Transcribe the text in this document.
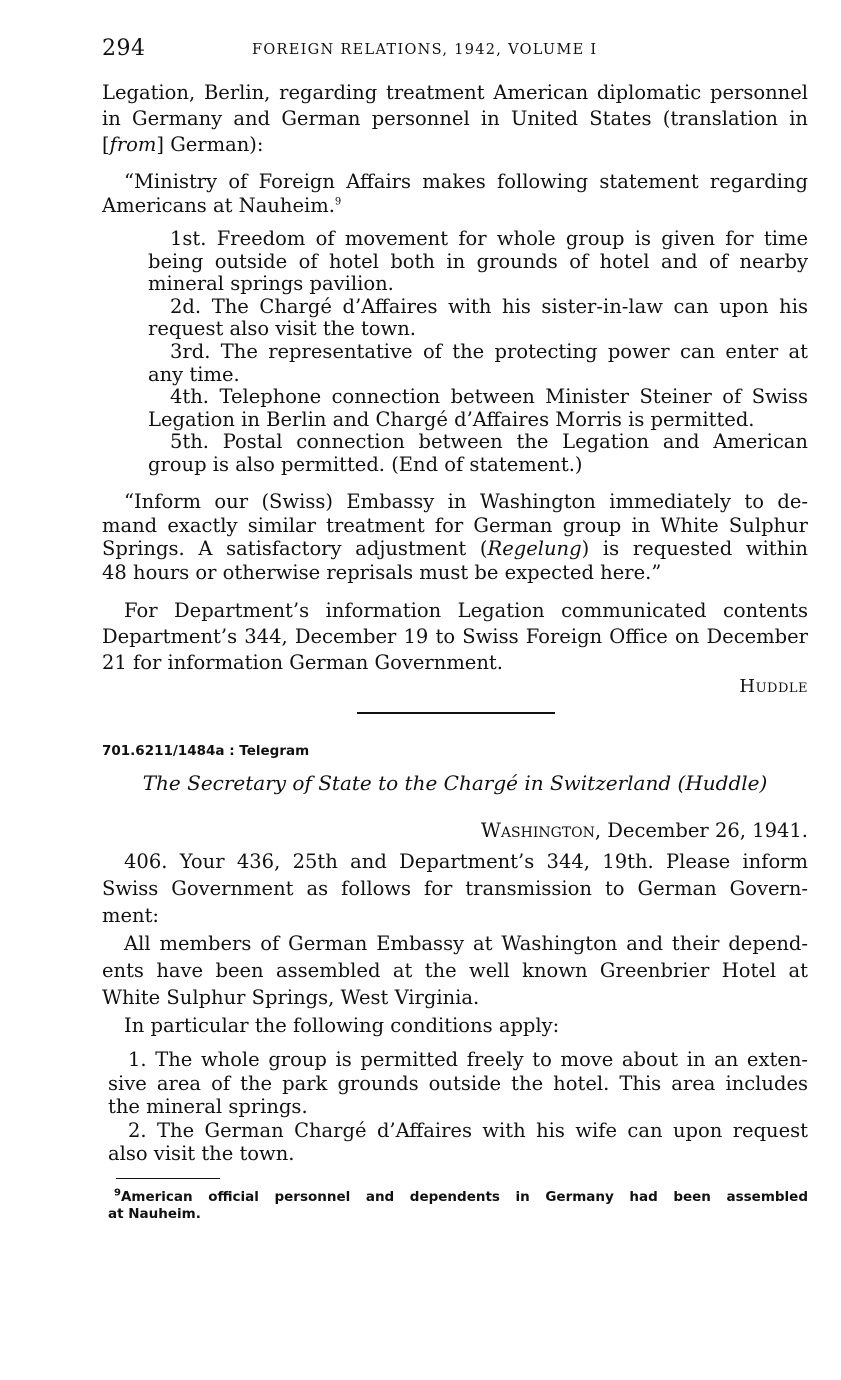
294	FOREIGN RELATIONS, 1942, VOLUME I
Legation, Berlin, regarding treatment American diplomatic personnel
in Germany and German personnel in United States (translation in
[from] German):
“Ministry of Foreign Affairs makes following statement regarding
Americans at Nauheim.$^9$
1st. Freedom of movement for whole group is given for time
being outside of hotel both in grounds of hotel and of nearby
mineral springs pavilion.
2d. The Chargé d’Affaires with his sister-in-law can upon his
request also visit the town.
3rd. The representative of the protecting power can enter at
any time.
4th. Telephone connection between Minister Steiner of Swiss
Legation in Berlin and Chargé d’Affaires Morris is permitted.
5th. Postal connection between the Legation and American
group is also permitted. (End of statement.)
“Inform our (Swiss) Embassy in Washington immediately to de-
mand exactly similar treatment for German group in White Sulphur
Springs. A satisfactory adjustment (Regelung) is requested within
48 hours or otherwise reprisals must be expected here.”
For Department’s information Legation communicated contents
Department’s 344, December 19 to Swiss Foreign Office on December
21 for information German Government.
Huddle
701.6211/1484a : Telegram
The Secretary of State to the Chargé in Switzerland (Huddle)
Washington, December 26, 1941.
406. Your 436, 25th and Department’s 344, 19th. Please inform
Swiss Government as follows for transmission to German Govern-
ment:
All members of German Embassy at Washington and their depend-
ents have been assembled at the well known Greenbrier Hotel at
White Sulphur Springs, West Virginia.
In particular the following conditions apply:
1. The whole group is permitted freely to move about in an exten-
sive area of the park grounds outside the hotel. This area includes
the mineral springs.
2. The German Chargé d’Affaires with his wife can upon request
also visit the town.
$^9$American official personnel and dependents in Germany had been assembled
at Nauheim.
